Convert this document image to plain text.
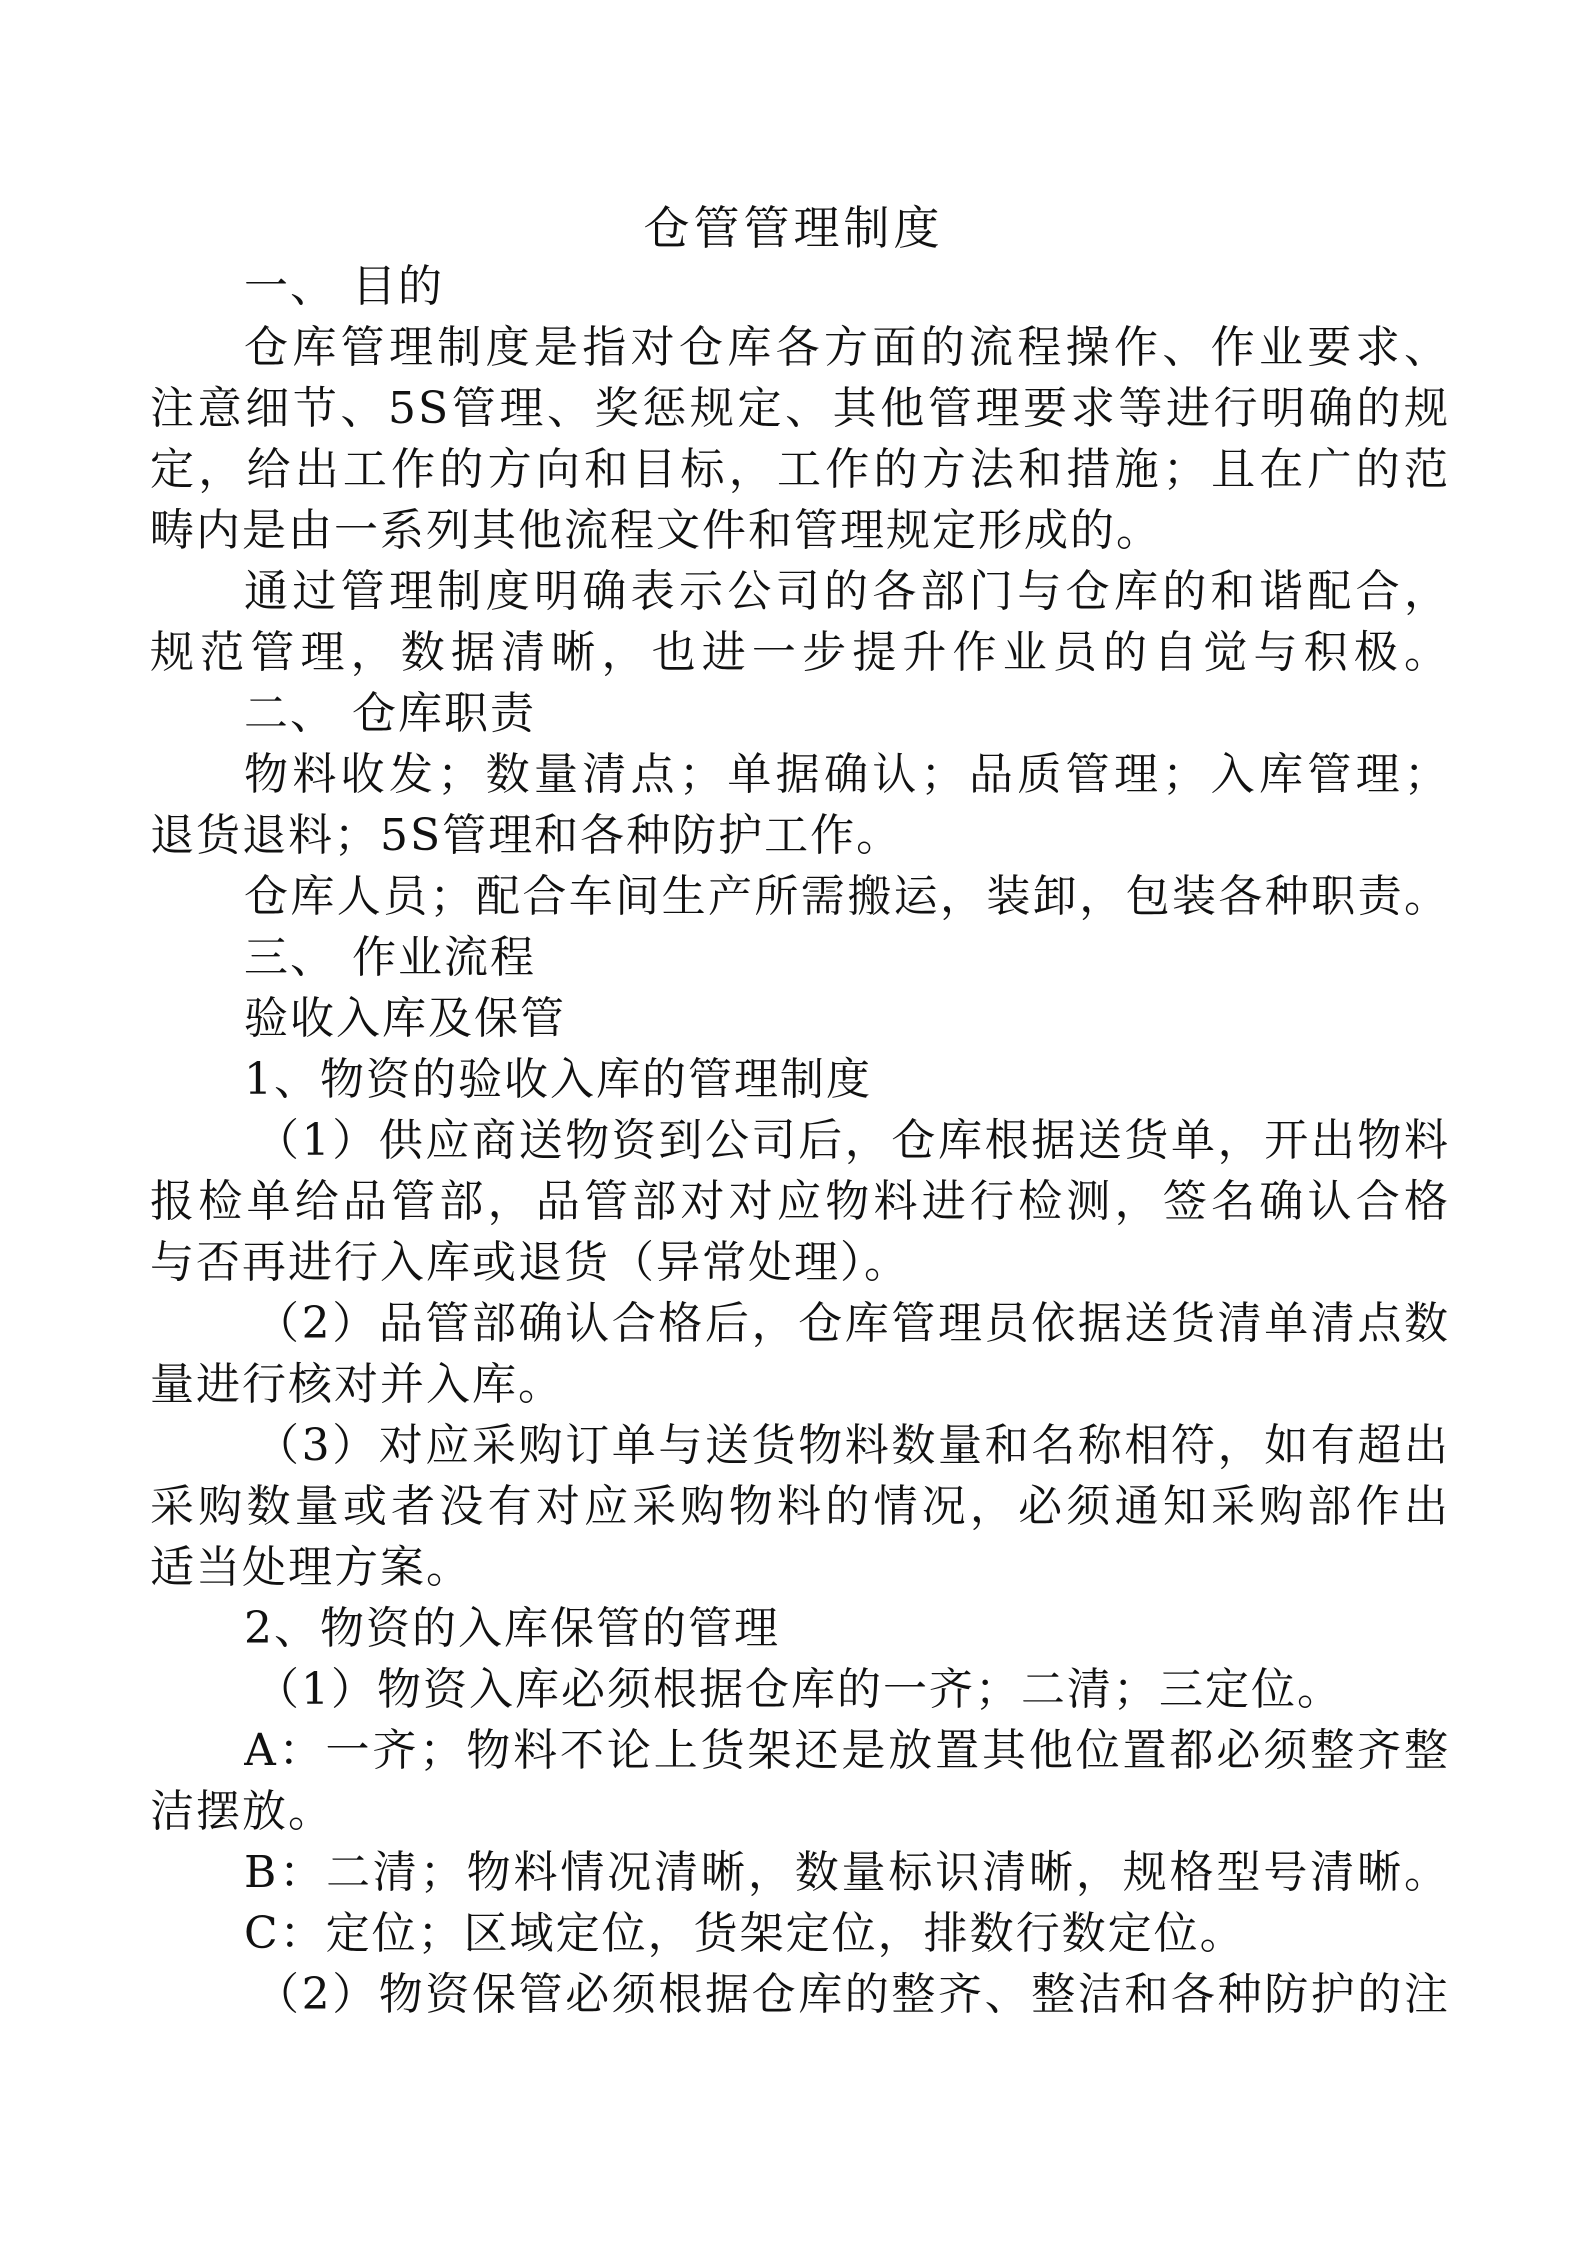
仓管管理制度
一、 目的
仓库管理制度是指对仓库各方面的流程操作、作业要求、
注意细节、5S管理、奖惩规定、其他管理要求等进行明确的规
定，给出工作的方向和目标，工作的方法和措施；且在广的范
畴内是由一系列其他流程文件和管理规定形成的。
通过管理制度明确表示公司的各部门与仓库的和谐配合，
规范管理，数据清晰，也进一步提升作业员的自觉与积极。
二、 仓库职责
物料收发；数量清点；单据确认；品质管理；入库管理；
退货退料；5S管理和各种防护工作。
仓库人员；配合车间生产所需搬运，装卸，包装各种职责。
三、 作业流程
验收入库及保管
1、物资的验收入库的管理制度
（1）供应商送物资到公司后，仓库根据送货单，开出物料
报检单给品管部，品管部对对应物料进行检测，签名确认合格
与否再进行入库或退货（异常处理）。
（2）品管部确认合格后，仓库管理员依据送货清单清点数
量进行核对并入库。
（3）对应采购订单与送货物料数量和名称相符，如有超出
采购数量或者没有对应采购物料的情况，必须通知采购部作出
适当处理方案。
2、物资的入库保管的管理
（1）物资入库必须根据仓库的一齐；二清；三定位。
A：一齐；物料不论上货架还是放置其他位置都必须整齐整
洁摆放。
B：二清；物料情况清晰，数量标识清晰，规格型号清晰。
C：定位；区域定位，货架定位，排数行数定位。
（2）物资保管必须根据仓库的整齐、整洁和各种防护的注
